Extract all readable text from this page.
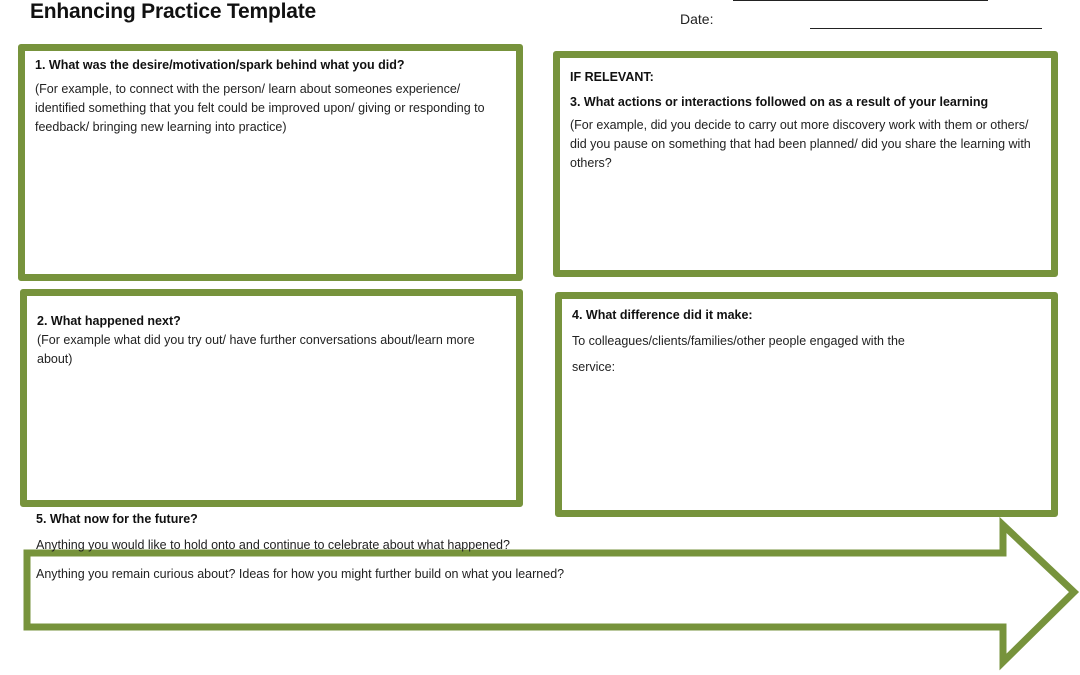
Enhancing Practice Template	Date:

1. What was the desire/motivation/spark behind what you did?

(For example, to connect with the person/ learn about someones experience/ identified something that you felt could be improved upon/ giving or responding to feedback/ bringing new learning into practice)

IF RELEVANT:

3. What actions or interactions followed on as a result of your learning

(For example, did you decide to carry out more discovery work with them or others/ did you pause on something that had been planned/ did you share the learning with others?

2. What happened next?

(For example what did you try out/ have further conversations about/learn more about)

4. What difference did it make:

To colleagues/clients/families/other people engaged with the

service:

5. What now for the future?
Anything you would like to hold onto and continue to celebrate about what happened?
Anything you remain curious about? Ideas for how you might further build on what you learned?
